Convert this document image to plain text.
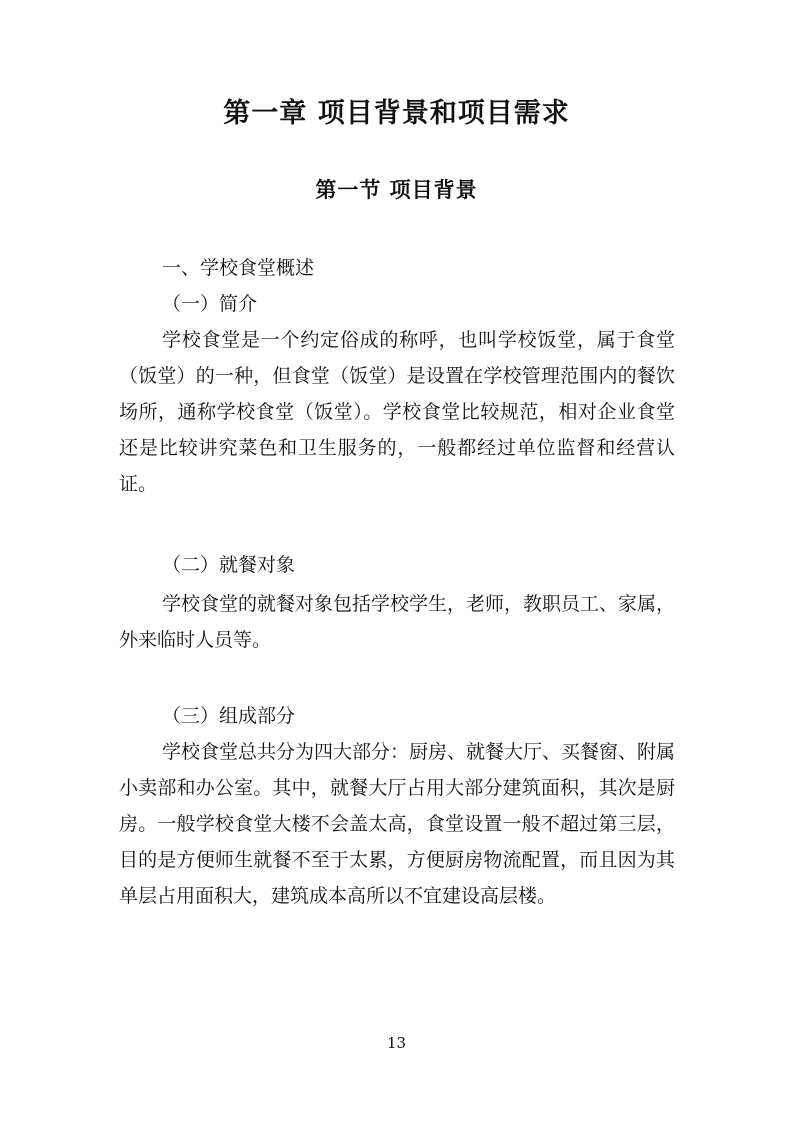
第一章 项目背景和项目需求
第一节 项目背景

一、学校食堂概述

（一）简介

学校食堂是一个约定俗成的称呼，也叫学校饭堂，属于食堂（饭堂）的一种，但食堂（饭堂）是设置在学校管理范围内的餐饮场所，通称学校食堂（饭堂）。学校食堂比较规范，相对企业食堂还是比较讲究菜色和卫生服务的，一般都经过单位监督和经营认证。

（二）就餐对象

学校食堂的就餐对象包括学校学生，老师，教职员工、家属，外来临时人员等。

（三）组成部分

学校食堂总共分为四大部分：厨房、就餐大厅、买餐窗、附属小卖部和办公室。其中，就餐大厅占用大部分建筑面积，其次是厨房。一般学校食堂大楼不会盖太高，食堂设置一般不超过第三层，目的是方便师生就餐不至于太累，方便厨房物流配置，而且因为其单层占用面积大，建筑成本高所以不宜建设高层楼。

13
